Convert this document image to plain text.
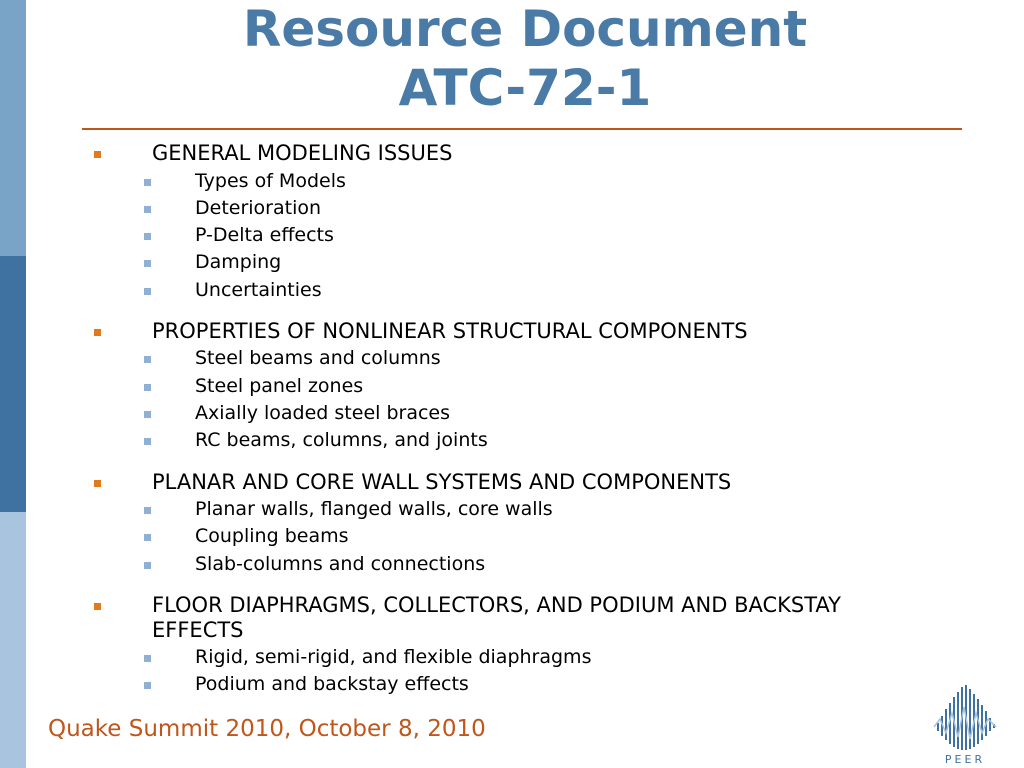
Resource Document
ATC-72-1
GENERAL MODELING ISSUES
Types of Models
Deterioration
P-Delta effects
Damping
Uncertainties
PROPERTIES OF NONLINEAR STRUCTURAL COMPONENTS
Steel beams and columns
Steel panel zones
Axially loaded steel braces
RC beams, columns, and joints
PLANAR AND CORE WALL SYSTEMS AND COMPONENTS
Planar walls, flanged walls, core walls
Coupling beams
Slab-columns and connections
FLOOR DIAPHRAGMS, COLLECTORS, AND PODIUM AND BACKSTAY EFFECTS
Rigid, semi-rigid, and flexible diaphragms
Podium and backstay effects
Quake Summit 2010, October 8, 2010
PEER
